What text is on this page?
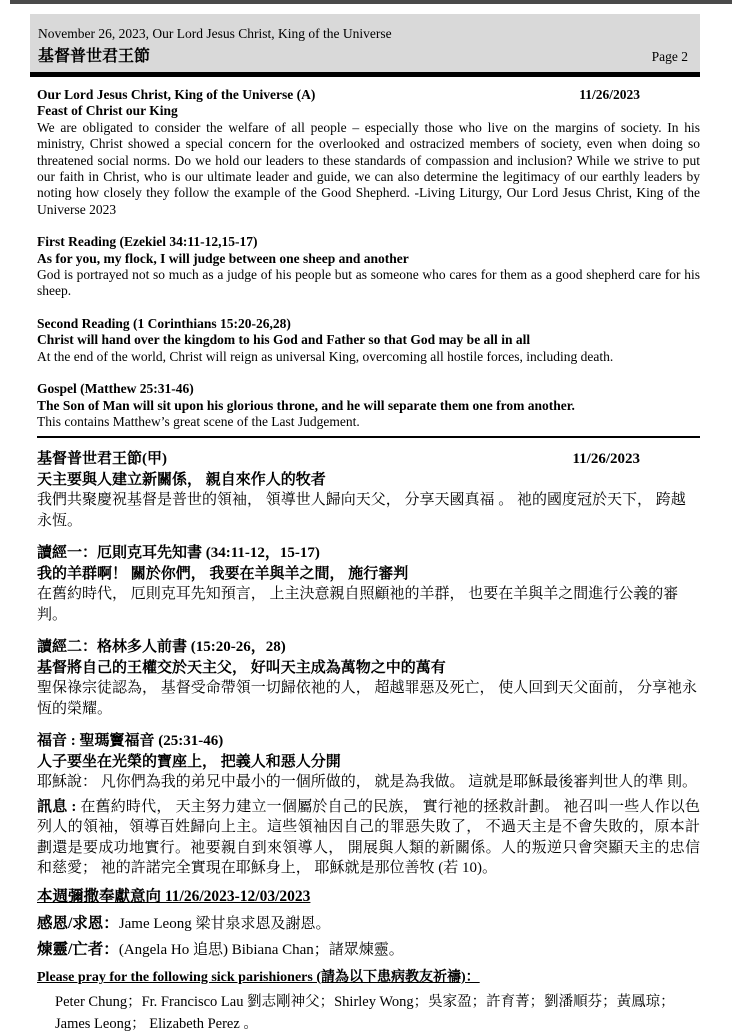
November 26, 2023, Our Lord Jesus Christ, King of the Universe
基督普世君王節	Page 2
Our Lord Jesus Christ, King of the Universe (A)	11/26/2023
Feast of Christ our King

We are obligated to consider the welfare of all people – especially those who live on the margins of society. In his ministry, Christ showed a special concern for the overlooked and ostracized members of society, even when doing so threatened social norms. Do we hold our leaders to these standards of compassion and inclusion? While we strive to put our faith in Christ, who is our ultimate leader and guide, we can also determine the legitimacy of our earthly leaders by noting how closely they follow the example of the Good Shepherd. -Living Liturgy, Our Lord Jesus Christ, King of the Universe 2023

First Reading (Ezekiel 34:11-12,15-17)
As for you, my flock, I will judge between one sheep and another
God is portrayed not so much as a judge of his people but as someone who cares for them as a good shepherd care for his sheep.
Second Reading (1 Corinthians 15:20-26,28)
Christ will hand over the kingdom to his God and Father so that God may be all in all
At the end of the world, Christ will reign as universal King, overcoming all hostile forces, including death.
Gospel (Matthew 25:31-46)
The Son of Man will sit upon his glorious throne, and he will separate them one from another.
This contains Matthew’s great scene of the Last Judgement.
基督普世君王節(甲)	11/26/2023
天主要與人建立新關係， 親自來作人的牧者
我們共聚慶祝基督是普世的領袖， 領導世人歸向天父， 分享天國真福 。 祂的國度冠於天下， 跨越永恆。
讀經一：厄則克耳先知書 (34:11-12，15-17)
我的羊群啊！ 關於你們， 我要在羊與羊之間， 施行審判
在舊約時代， 厄則克耳先知預言， 上主決意親自照顧祂的羊群， 也要在羊與羊之間進行公義的審判。
讀經二：格林多人前書 (15:20-26，28)
基督將自己的王權交於天主父， 好叫天主成為萬物之中的萬有
聖保祿宗徒認為， 基督受命帶領一切歸依祂的人， 超越罪惡及死亡， 使人回到天父面前， 分享祂永恆的榮耀。
福音 : 聖瑪竇福音 (25:31-46)
人子要坐在光榮的寶座上， 把義人和惡人分開
耶穌說： 凡你們為我的弟兄中最小的一個所做的， 就是為我做。 這就是耶穌最後審判世人的準 則。

訊息 : 在舊約時代， 天主努力建立一個屬於自己的民族， 實行祂的拯救計劃。 祂召叫一些人作以色列人的領袖，領導百姓歸向上主。這些領袖因自己的罪惡失敗了， 不過天主是不會失敗的，原本計劃還是要成功地實行。祂要親自到來領導人， 開展與人類的新關係。人的叛逆只會突顯天主的忠信和慈愛； 祂的許諾完全實現在耶穌身上， 耶穌就是那位善牧 (若 10)。

本週彌撒奉獻意向 11/26/2023-12/03/2023
感恩/求恩：Jame Leong 梁甘泉求恩及謝恩。
煉靈/亡者：(Angela Ho 追思) Bibiana Chan；諸眾煉靈。
Please pray for the following sick parishioners (請為以下患病教友祈禱)：
Peter Chung；Fr. Francisco Lau 劉志剛神父；Shirley Wong；吳家盈；許育菁；劉潘順芬；黃鳳琼；
James Leong； Elizabeth Perez 。
